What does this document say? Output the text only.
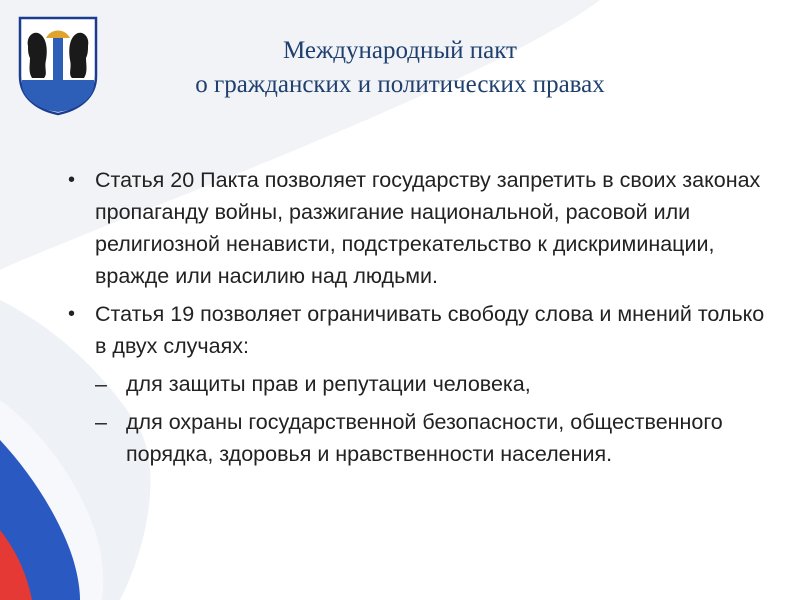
Международный пакт

о гражданских и политических правах

• Статья 20 Пакта позволяет государству запретить в своих законах пропаганду войны, разжигание национальной, расовой или религиозной ненависти, подстрекательство к дискриминации, вражде или насилию над людьми.

• Статья 19 позволяет ограничивать свободу слова и мнений только в двух случаях:

– для защиты прав и репутации человека,

– для охраны государственной безопасности, общественного порядка, здоровья и нравственности населения.
